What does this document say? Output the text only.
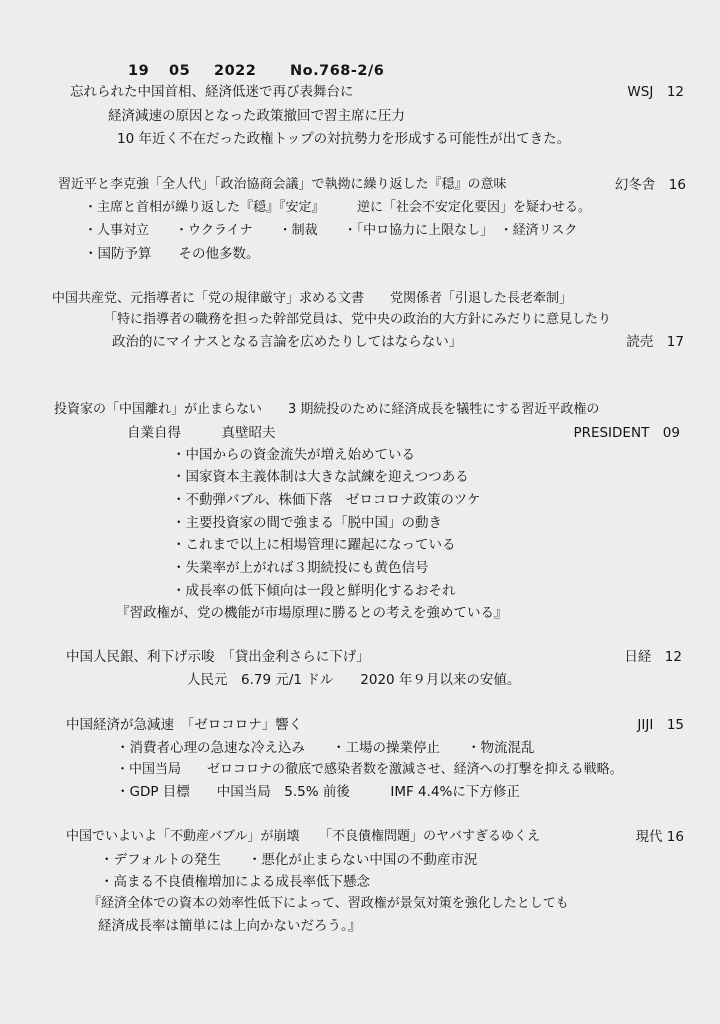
19 05 2022 No.768-2/6
忘れられた中国首相、経済低迷で再び表舞台に	WSJ　12
経済減速の原因となった政策撤回で習主席に圧力
10 年近く不在だった政権トップの対抗勢力を形成する可能性が出てきた。
習近平と李克強「全人代」「政治協商会議」で執拗に繰り返した『穏』の意味	幻冬舎　16
・主席と首相が繰り返した『穏』『安定』　　　逆に「社会不安定化要因」を疑わせる。
・人事対立　　・ウクライナ　　・制裁　　・「中ロ協力に上限なし」　・経済リスク
・国防予算　　その他多数。
中国共産党、元指導者に「党の規律厳守」求める文書　　党関係者「引退した長老牽制」
「特に指導者の職務を担った幹部党員は、党中央の政治的大方針にみだりに意見したり
政治的にマイナスとなる言論を広めたりしてはならない」	読売　17
投資家の「中国離れ」が止まらない　　3 期続投のために経済成長を犠牲にする習近平政権の
自業自得　　　真壁昭夫	PRESIDENT　09
・中国からの資金流失が増え始めている
・国家資本主義体制は大きな試練を迎えつつある
・不動弾バブル、株価下落　ゼロコロナ政策のツケ
・主要投資家の間で強まる「脱中国」の動き
・これまで以上に相場管理に躍起になっている
・失業率が上がれば３期続投にも黄色信号
・成長率の低下傾向は一段と鮮明化するおそれ
『習政権が、党の機能が市場原理に勝るとの考えを強めている』
中国人民銀、利下げ示唆　「貸出金利さらに下げ」	日経　12
人民元　6.79 元/1 ドル　　2020 年９月以来の安値。
中国経済が急減速　「ゼロコロナ」響く	JIJI　15
・消費者心理の急速な冷え込み　　・工場の操業停止　　・物流混乱
・中国当局　　ゼロコロナの徹底で感染者数を激減させ、経済への打撃を抑える戦略。
・GDP 目標　　中国当局　5.5% 前後　　　IMF 4.4%に下方修正
中国でいよいよ「不動産バブル」が崩壊　　「不良債権問題」のヤバすぎるゆくえ	現代 16
・デフォルトの発生　　・悪化が止まらない中国の不動産市況
・高まる不良債権増加による成長率低下懸念
『経済全体での資本の効率性低下によって、習政権が景気対策を強化したとしても
経済成長率は簡単には上向かないだろう。』
